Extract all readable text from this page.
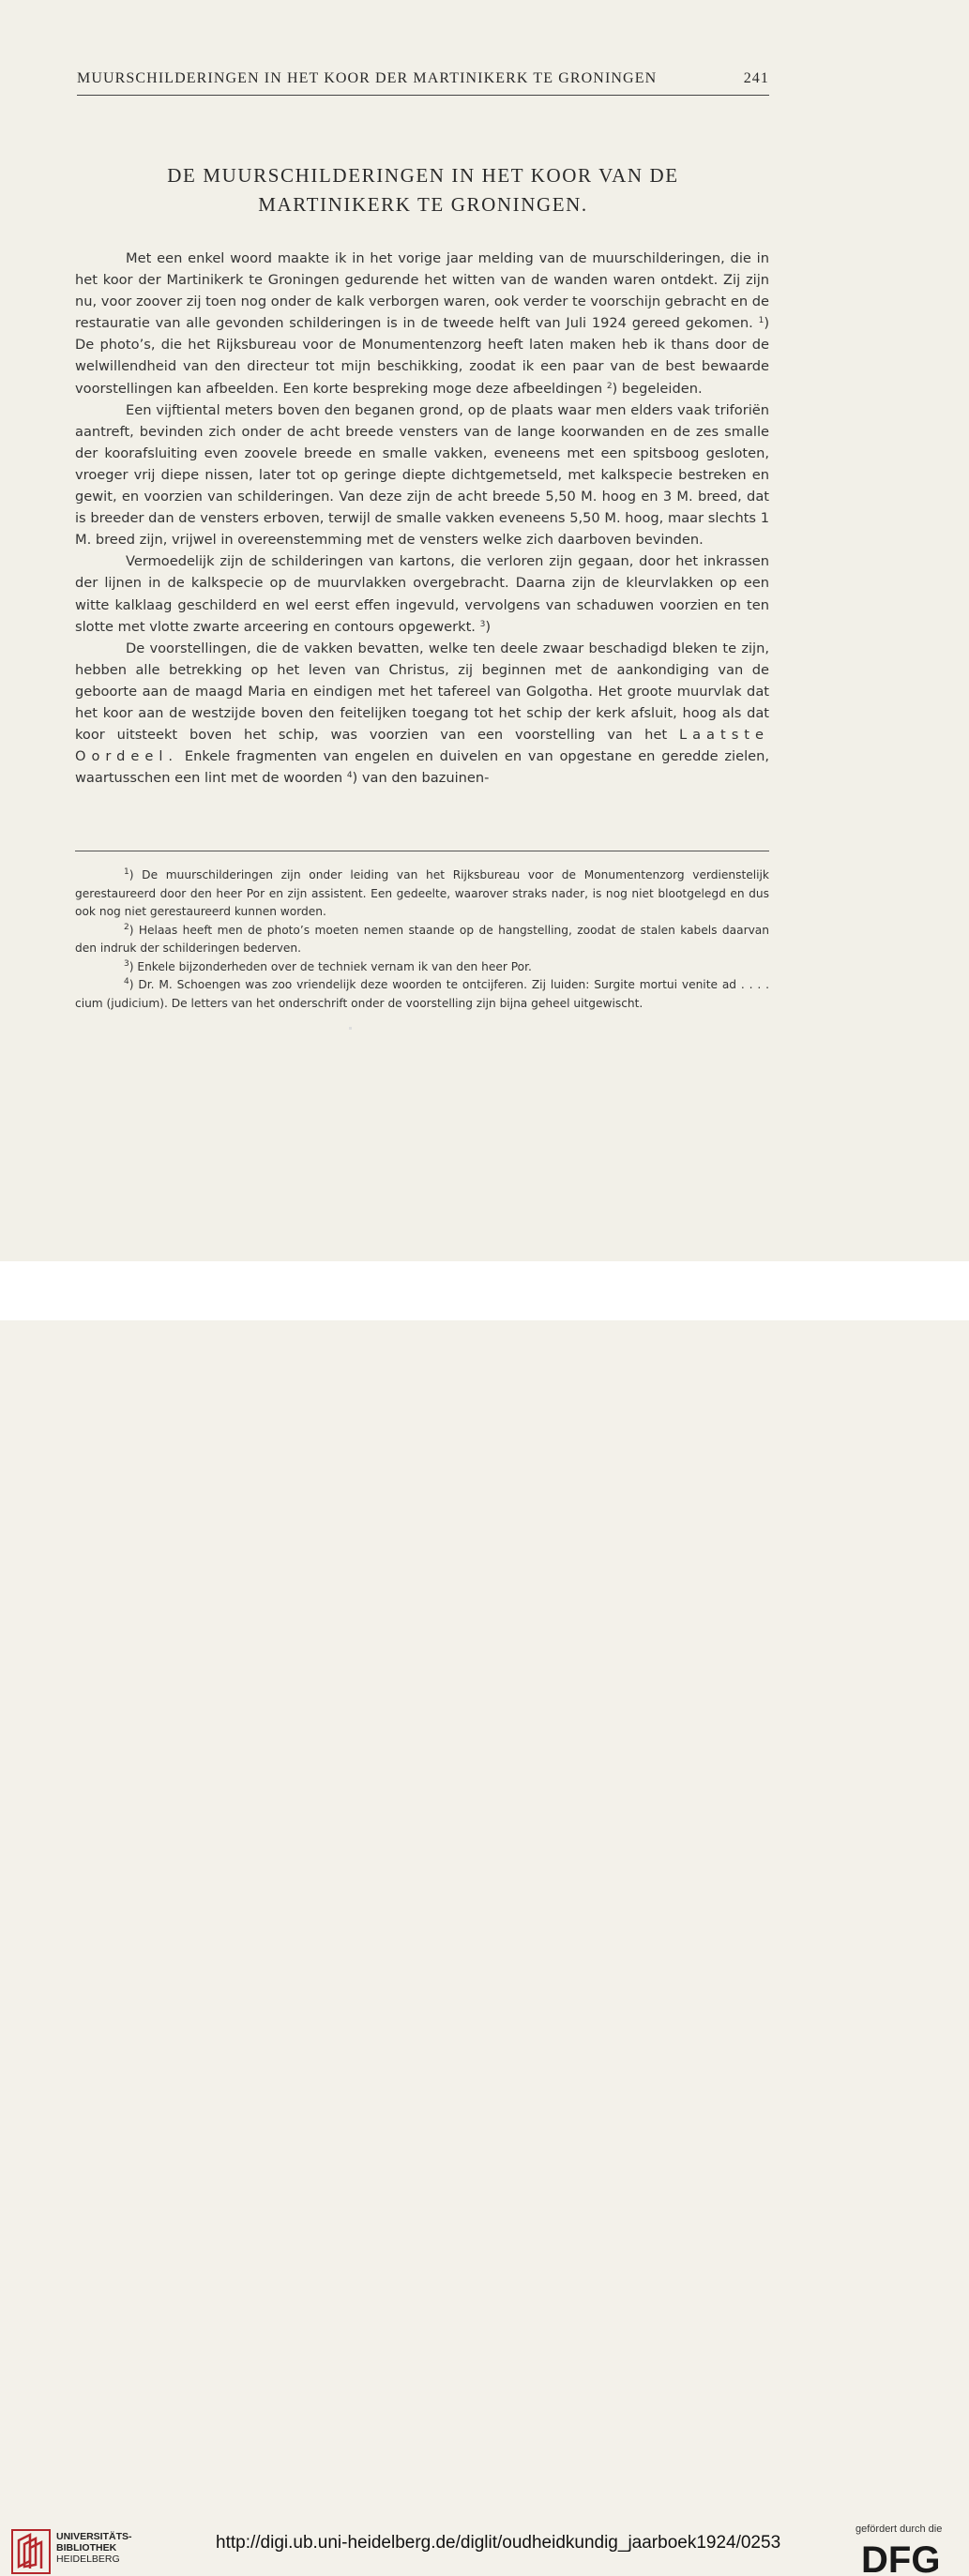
MUURSCHILDERINGEN IN HET KOOR DER MARTINIKERK TE GRONINGEN	241
DE MUURSCHILDERINGEN IN HET KOOR VAN DE
MARTINIKERK TE GRONINGEN.

Met een enkel woord maakte ik in het vorige jaar melding van de muurschilderingen, die in het koor der Martinikerk te Groningen gedurende het witten van de wanden waren ontdekt. Zij zijn nu, voor zoover zij toen nog onder de kalk verborgen waren, ook verder te voorschijn gebracht en de restauratie van alle gevonden schilderingen is in de tweede helft van Juli 1924 gereed gekomen. $^1$) De photo’s, die het Rijksbureau voor de Monumentenzorg heeft laten maken heb ik thans door de welwillendheid van den directeur tot mijn beschikking, zoodat ik een paar van de best bewaarde voorstellingen kan afbeelden. Een korte bespreking moge deze afbeeldingen $^2$) begeleiden.

Een vijftiental meters boven den beganen grond, op de plaats waar men elders vaak triforiën aantreft, bevinden zich onder de acht breede vensters van de lange koorwanden en de zes smalle der koorafsluiting even zoovele breede en smalle vakken, eveneens met een spitsboog gesloten, vroeger vrij diepe nissen, later tot op geringe diepte dichtgemetseld, met kalkspecie bestreken en gewit, en voorzien van schilderingen. Van deze zijn de acht breede 5,50 M. hoog en 3 M. breed, dat is breeder dan de vensters erboven, terwijl de smalle vakken eveneens 5,50 M. hoog, maar slechts 1 M. breed zijn, vrijwel in overeenstemming met de vensters welke zich daarboven bevinden.

Vermoedelijk zijn de schilderingen van kartons, die verloren zijn gegaan, door het inkrassen der lijnen in de kalkspecie op de muurvlakken overgebracht. Daarna zijn de kleurvlakken op een witte kalklaag geschilderd en wel eerst effen ingevuld, vervolgens van schaduwen voorzien en ten slotte met vlotte zwarte arceering en contours opgewerkt. $^3$)

De voorstellingen, die de vakken bevatten, welke ten deele zwaar beschadigd bleken te zijn, hebben alle betrekking op het leven van Christus, zij beginnen met de aankondiging van de geboorte aan de maagd Maria en eindigen met het tafereel van Golgotha. Het groote muurvlak dat het koor aan de westzijde boven den feitelijken toegang tot het schip der kerk afsluit, hoog als dat koor uitsteekt boven het schip, was voorzien van een voorstelling van het Laatste Oordeel. Enkele fragmenten van engelen en duivelen en van opgestane en geredde zielen, waartusschen een lint met de woorden $^4$) van den bazuinen-

$^1$) De muurschilderingen zijn onder leiding van het Rijksbureau voor de Monumentenzorg verdienstelijk gerestaureerd door den heer Por en zijn assistent. Een gedeelte, waarover straks nader, is nog niet blootgelegd en dus ook nog niet gerestaureerd kunnen worden.

$^2$) Helaas heeft men de photo’s moeten nemen staande op de hangstelling, zoodat de stalen kabels daarvan den indruk der schilderingen bederven.

$^3$) Enkele bijzonderheden over de techniek vernam ik van den heer Por.

$^4$) Dr. M. Schoengen was zoo vriendelijk deze woorden te ontcijferen. Zij luiden: Surgite mortui venite ad . . . . cium (judicium). De letters van het onderschrift onder de voorstelling zijn bijna geheel uitgewischt.

UNIVERSITÄTS-
BIBLIOTHEK
HEIDELBERG
http://digi.ub.uni-heidelberg.de/diglit/oudheidkundig_jaarboek1924/0253
gefördert durch die
DFG
